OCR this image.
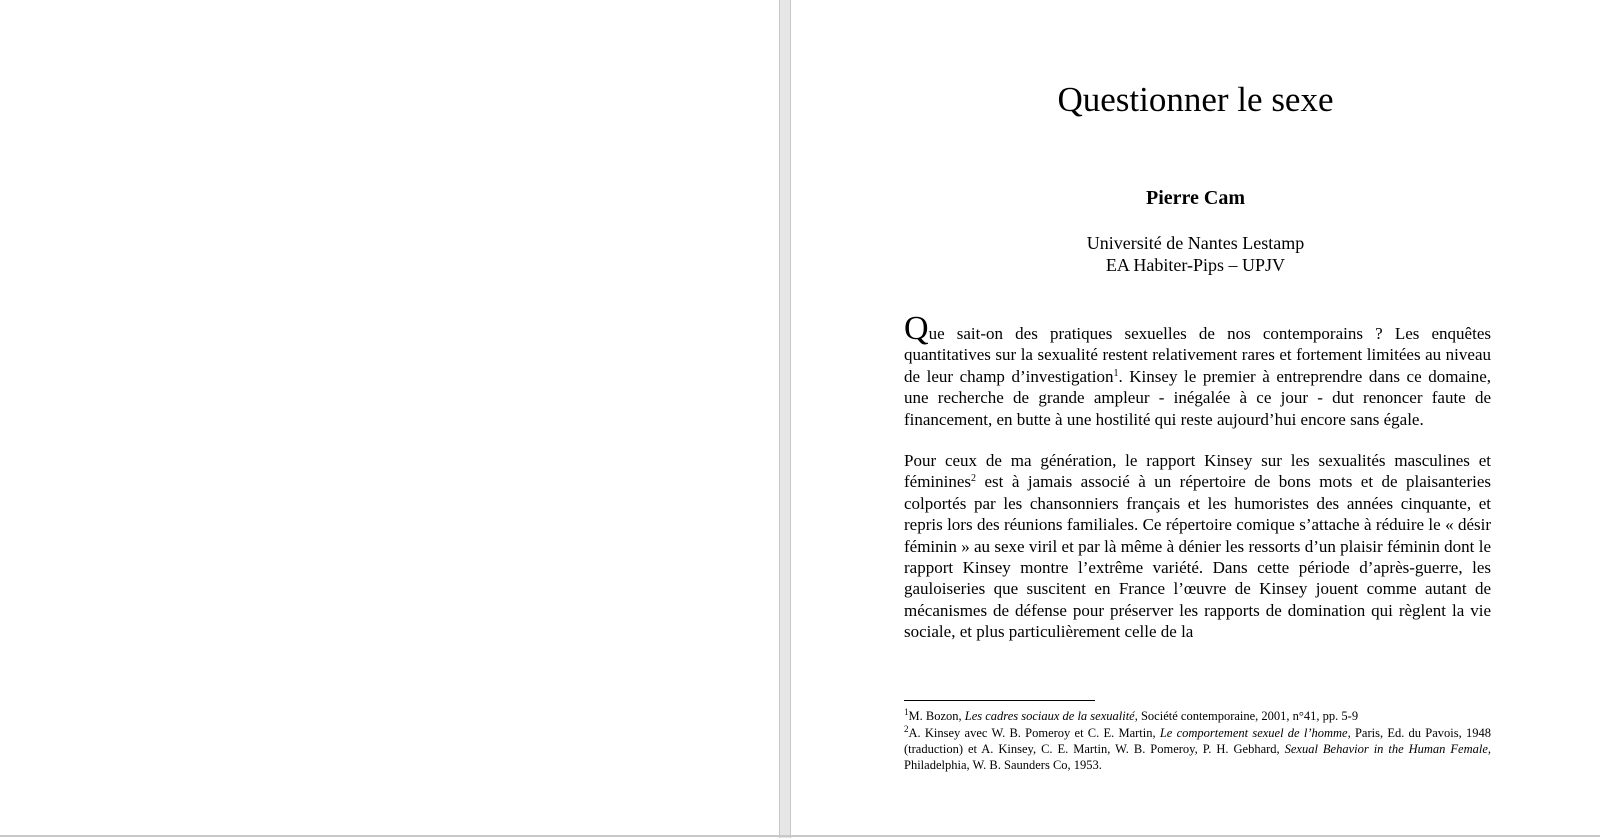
Questionner le sexe
Pierre Cam
Université de Nantes Lestamp
EA Habiter-Pips – UPJV

Que sait-on des pratiques sexuelles de nos contemporains ? Les enquêtes quantitatives sur la sexualité restent relativement rares et fortement limitées au niveau de leur champ d’investigation$^1$. Kinsey le premier à entreprendre dans ce domaine, une recherche de grande ampleur - inégalée à ce jour - dut renoncer faute de financement, en butte à une hostilité qui reste aujourd’hui encore sans égale.

Pour ceux de ma génération, le rapport Kinsey sur les sexualités masculines et féminines$^2$ est à jamais associé à un répertoire de bons mots et de plaisanteries colportés par les chansonniers français et les humoristes des années cinquante, et repris lors des réunions familiales. Ce répertoire comique s’attache à réduire le « désir féminin » au sexe viril et par là même à dénier les ressorts d’un plaisir féminin dont le rapport Kinsey montre l’extrême variété. Dans cette période d’après-guerre, les gauloiseries que suscitent en France l’œuvre de Kinsey jouent comme autant de mécanismes de défense pour préserver les rapports de domination qui règlent la vie sociale, et plus particulièrement celle de la

$^1$M. Bozon, Les cadres sociaux de la sexualité, Société contemporaine, 2001, n°41, pp. 5-9

$^2$A. Kinsey avec W. B. Pomeroy et C. E. Martin, Le comportement sexuel de l’homme, Paris, Ed. du Pavois, 1948 (traduction) et A. Kinsey, C. E. Martin, W. B. Pomeroy, P. H. Gebhard, Sexual Behavior in the Human Female, Philadelphia, W. B. Saunders Co, 1953.
